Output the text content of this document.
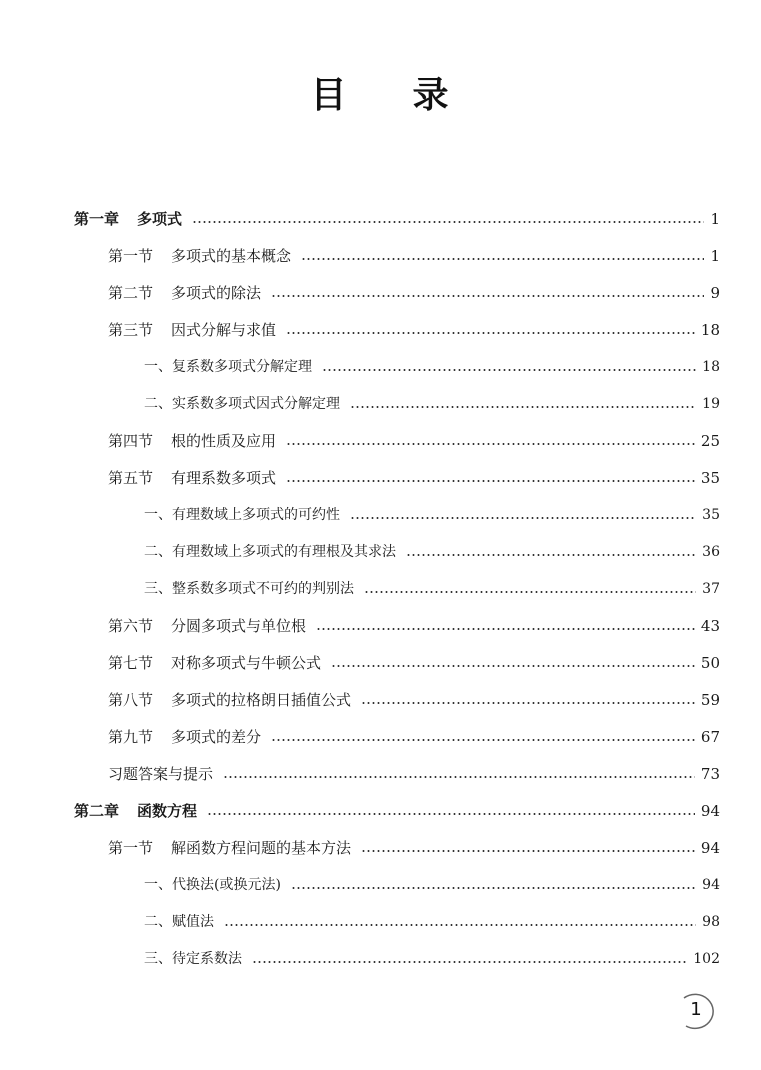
目 录
第一章 多项式	1
第一节 多项式的基本概念	1
第二节 多项式的除法	9
第三节 因式分解与求值	18
一、复系数多项式分解定理	18
二、实系数多项式因式分解定理	19
第四节 根的性质及应用	25
第五节 有理系数多项式	35
一、有理数域上多项式的可约性	35
二、有理数域上多项式的有理根及其求法	36
三、整系数多项式不可约的判别法	37
第六节 分圆多项式与单位根	43
第七节 对称多项式与牛顿公式	50
第八节 多项式的拉格朗日插值公式	59
第九节 多项式的差分	67
习题答案与提示	73
第二章 函数方程	94
第一节 解函数方程问题的基本方法	94
一、代换法(或换元法)	94
二、赋值法	98
三、待定系数法	102
1
